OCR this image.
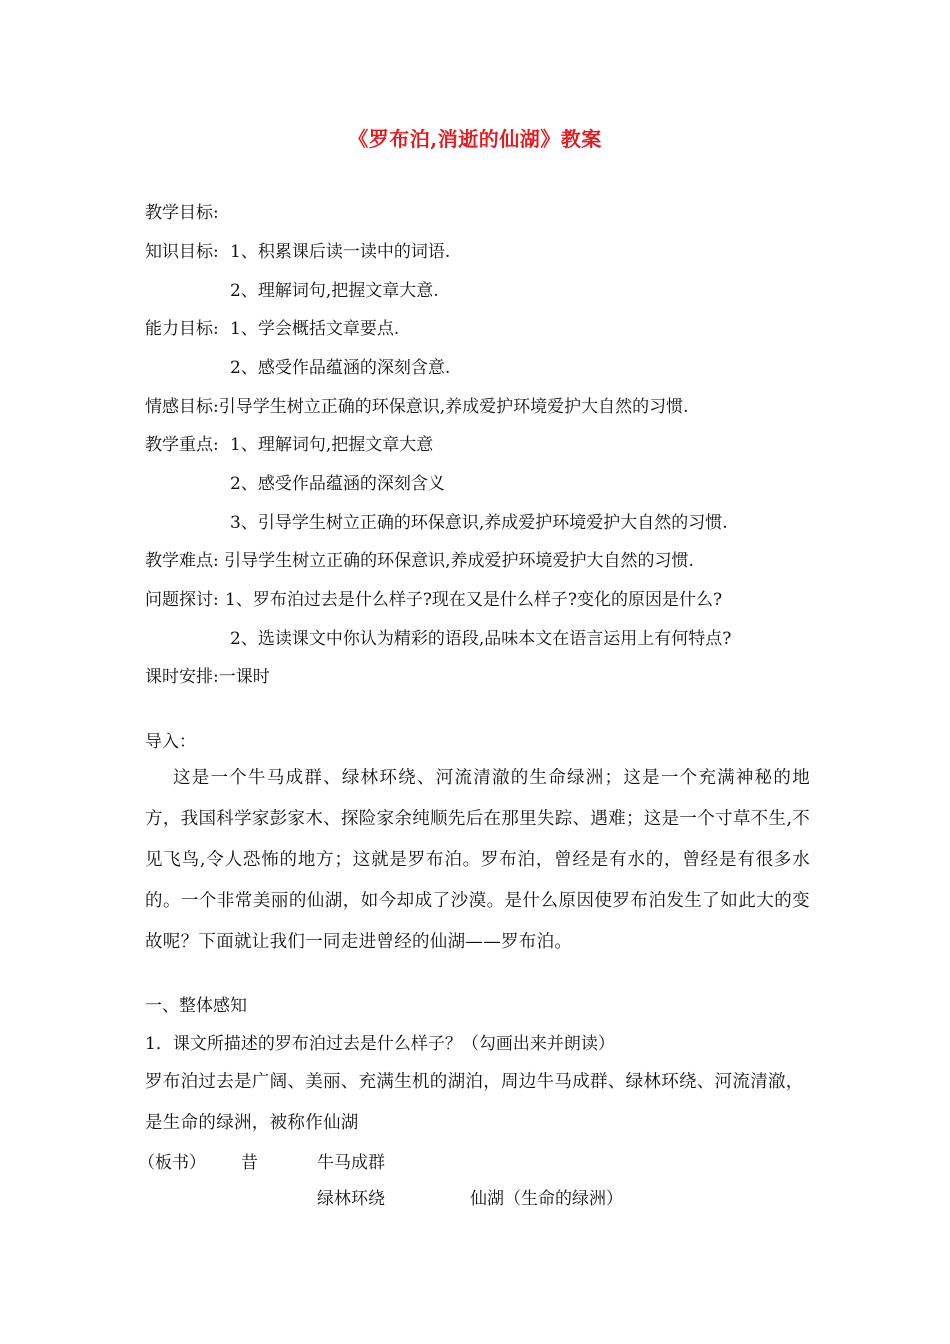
《罗布泊,消逝的仙湖》教案
教学目标:
知识目标: 1、积累课后读一读中的词语.
2、理解词句,把握文章大意.
能力目标: 1、学会概括文章要点.
2、感受作品蕴涵的深刻含意.
情感目标:引导学生树立正确的环保意识,养成爱护环境爱护大自然的习惯.
教学重点: 1、理解词句,把握文章大意
2、感受作品蕴涵的深刻含义
3、引导学生树立正确的环保意识,养成爱护环境爱护大自然的习惯.
教学难点: 引导学生树立正确的环保意识,养成爱护环境爱护大自然的习惯.
问题探讨: 1、罗布泊过去是什么样子?现在又是什么样子?变化的原因是什么?
2、选读课文中你认为精彩的语段,品味本文在语言运用上有何特点?
课时安排:一课时
导入：
这是一个牛马成群、绿林环绕、河流清澈的生命绿洲；这是一个充满神秘的地方，我国科学家彭家木、探险家余纯顺先后在那里失踪、遇难；这是一个寸草不生,不见飞鸟,令人恐怖的地方；这就是罗布泊。罗布泊，曾经是有水的，曾经是有很多水的。一个非常美丽的仙湖，如今却成了沙漠。是什么原因使罗布泊发生了如此大的变故呢？下面就让我们一同走进曾经的仙湖——罗布泊。
一、整体感知
1．课文所描述的罗布泊过去是什么样子？（勾画出来并朗读）
罗布泊过去是广阔、美丽、充满生机的湖泊，周边牛马成群、绿林环绕、河流清澈，是生命的绿洲，被称作仙湖
（板书） 昔	牛马成群
绿林环绕	仙湖（生命的绿洲）
